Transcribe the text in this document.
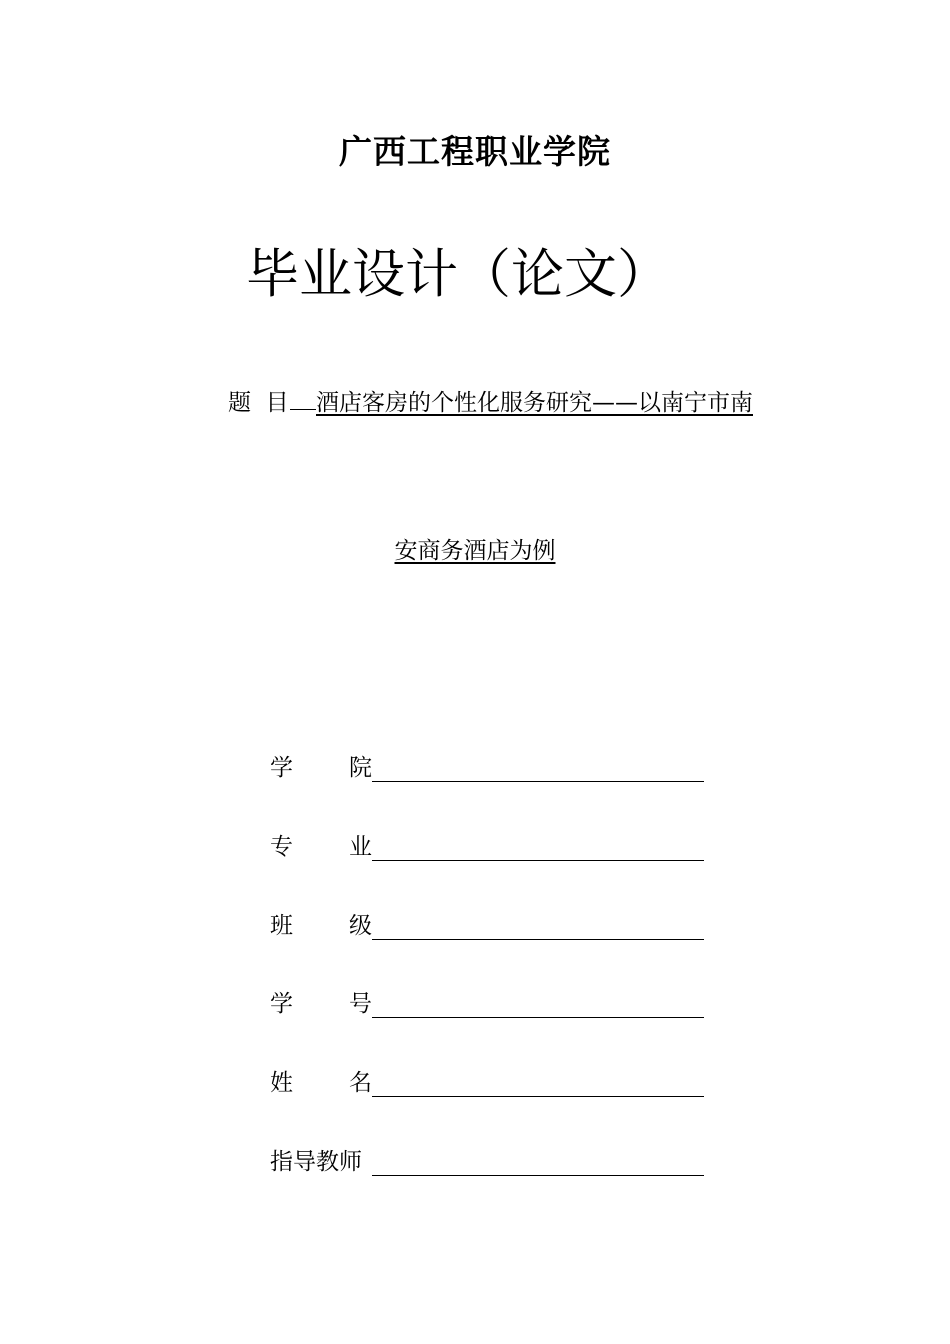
广西工程职业学院
毕业设计（论文）
题 目 酒店客房的个性化服务研究——以南宁市南
安商务酒店为例
学 院
专 业
班 级
学 号
姓 名
指导教师
